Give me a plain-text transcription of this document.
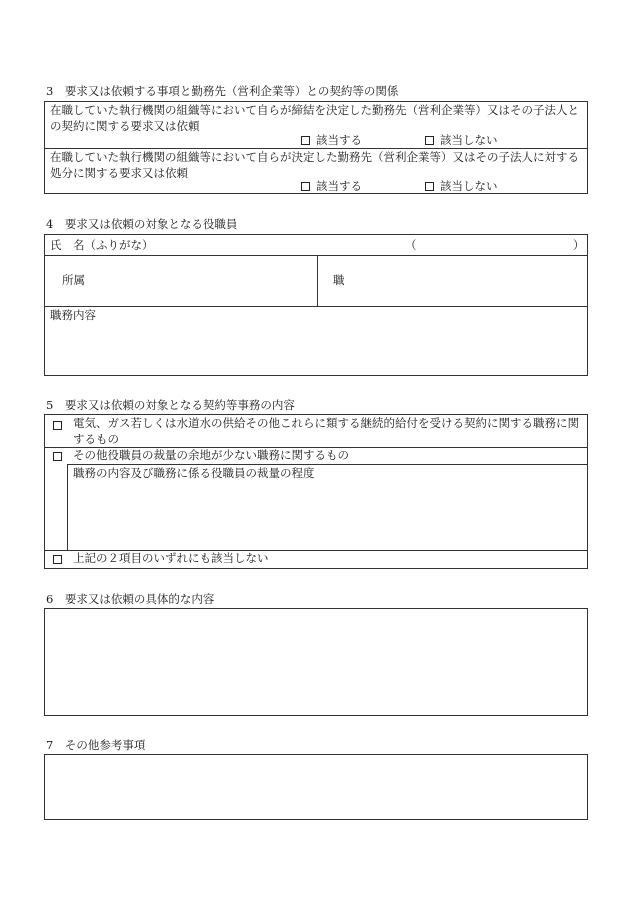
3　要求又は依頼する事項と勤務先（営利企業等）との契約等の関係
在職していた執行機関の組織等において自らが締結を決定した勤務先（営利企業等）又はその子法人との契約に関する要求又は依頼
該当する	該当しない
在職していた執行機関の組織等において自らが決定した勤務先（営利企業等）又はその子法人に対する処分に関する要求又は依頼
該当する	該当しない
4　要求又は依頼の対象となる役職員
氏　名（ふりがな）	（	）
所属	職
職務内容
5　要求又は依頼の対象となる契約等事務の内容
電気、ガス若しくは水道水の供給その他これらに類する継続的給付を受ける契約に関する職務に関するもの
その他役職員の裁量の余地が少ない職務に関するもの
職務の内容及び職務に係る役職員の裁量の程度
上記の２項目のいずれにも該当しない
6　要求又は依頼の具体的な内容
7　その他参考事項
